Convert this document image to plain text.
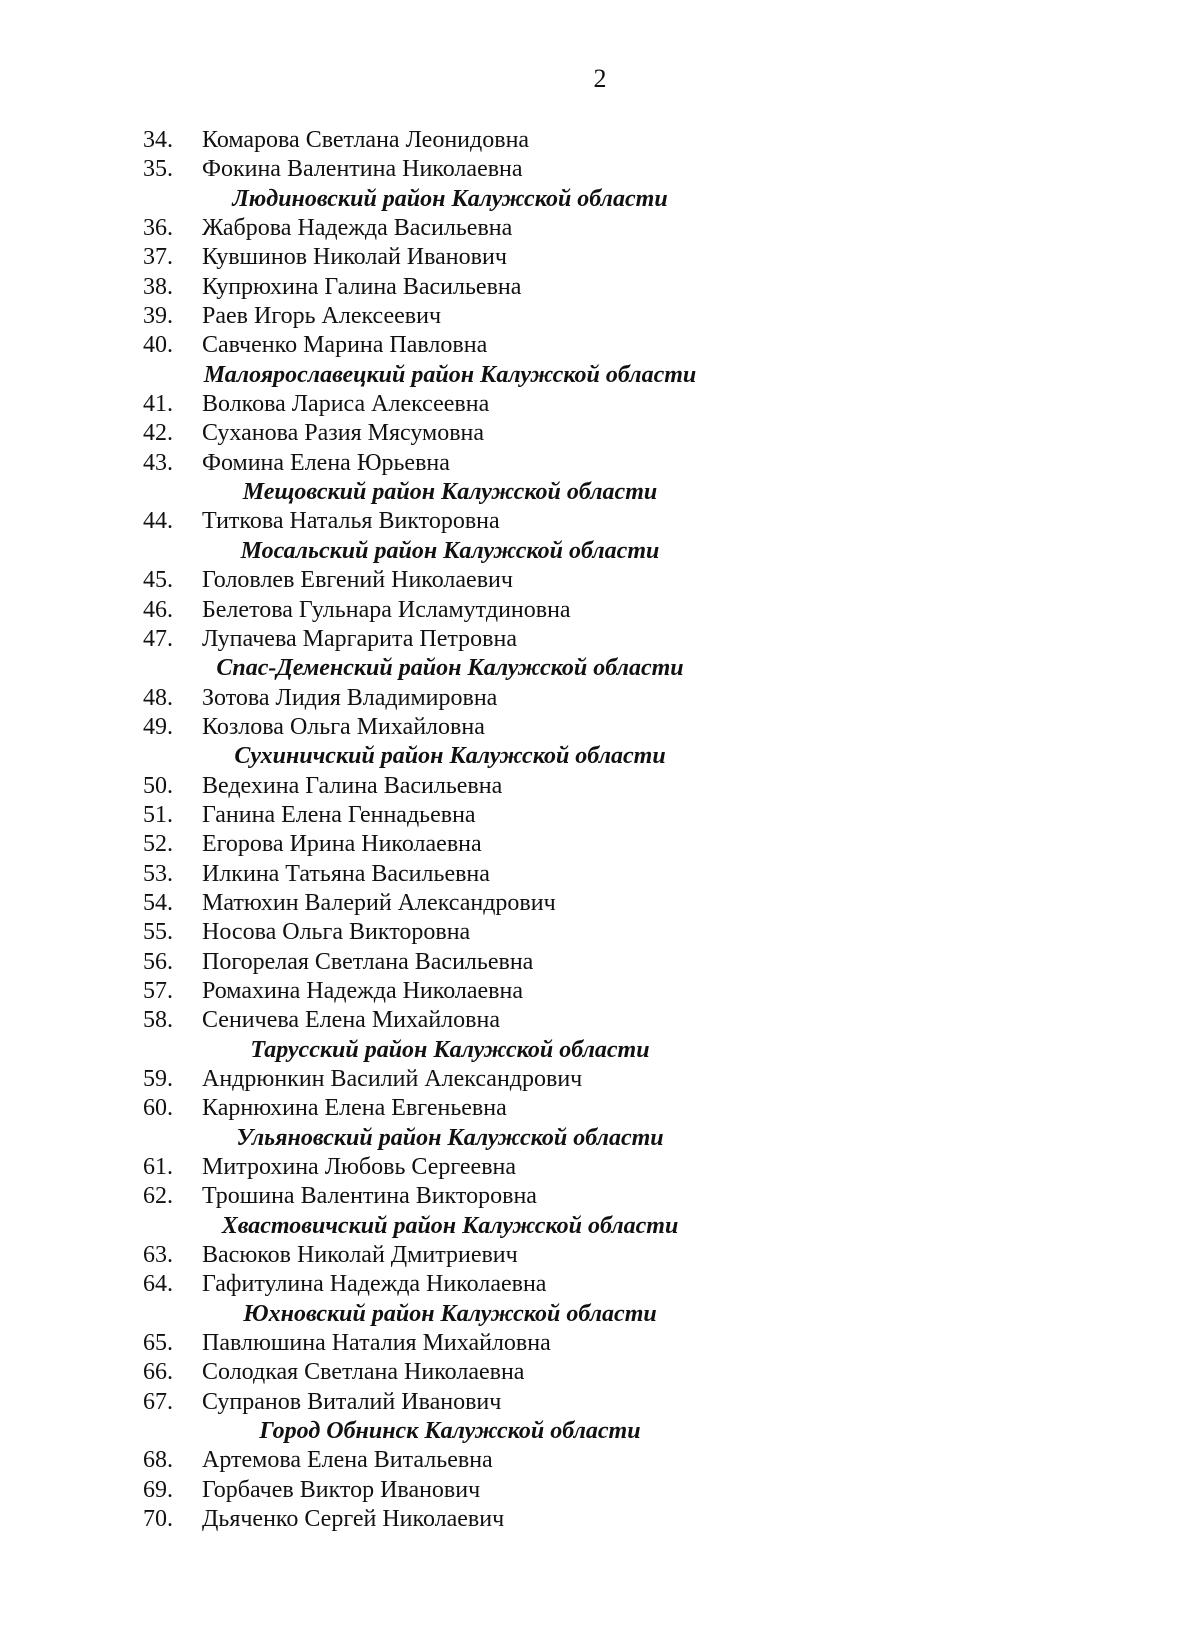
2
34.	Комарова Светлана Леонидовна
35.	Фокина Валентина Николаевна
Людиновский район Калужской области
36.	Жаброва Надежда Васильевна
37.	Кувшинов Николай Иванович
38.	Купрюхина Галина Васильевна
39.	Раев Игорь Алексеевич
40.	Савченко Марина Павловна
Малоярославецкий район Калужской области
41.	Волкова Лариса Алексеевна
42.	Суханова Разия Мясумовна
43.	Фомина Елена Юрьевна
Мещовский район Калужской области
44.	Титкова Наталья Викторовна
Мосальский район Калужской области
45.	Головлев Евгений Николаевич
46.	Белетова Гульнара Исламутдиновна
47.	Лупачева Маргарита Петровна
Спас-Деменский район Калужской области
48.	Зотова Лидия Владимировна
49.	Козлова Ольга Михайловна
Сухиничский район Калужской области
50.	Ведехина Галина Васильевна
51.	Ганина Елена Геннадьевна
52.	Егорова Ирина Николаевна
53.	Илкина Татьяна Васильевна
54.	Матюхин Валерий Александрович
55.	Носова Ольга Викторовна
56.	Погорелая Светлана Васильевна
57.	Ромахина Надежда Николаевна
58.	Сеничева Елена Михайловна
Тарусский район Калужской области
59.	Андрюнкин Василий Александрович
60.	Карнюхина Елена Евгеньевна
Ульяновский район Калужской области
61.	Митрохина Любовь Сергеевна
62.	Трошина Валентина Викторовна
Хвастовичский район Калужской области
63.	Васюков Николай Дмитриевич
64.	Гафитулина Надежда Николаевна
Юхновский район Калужской области
65.	Павлюшина Наталия Михайловна
66.	Солодкая Светлана Николаевна
67.	Супранов Виталий Иванович
Город Обнинск Калужской области
68.	Артемова Елена Витальевна
69.	Горбачев Виктор Иванович
70.	Дьяченко Сергей Николаевич
